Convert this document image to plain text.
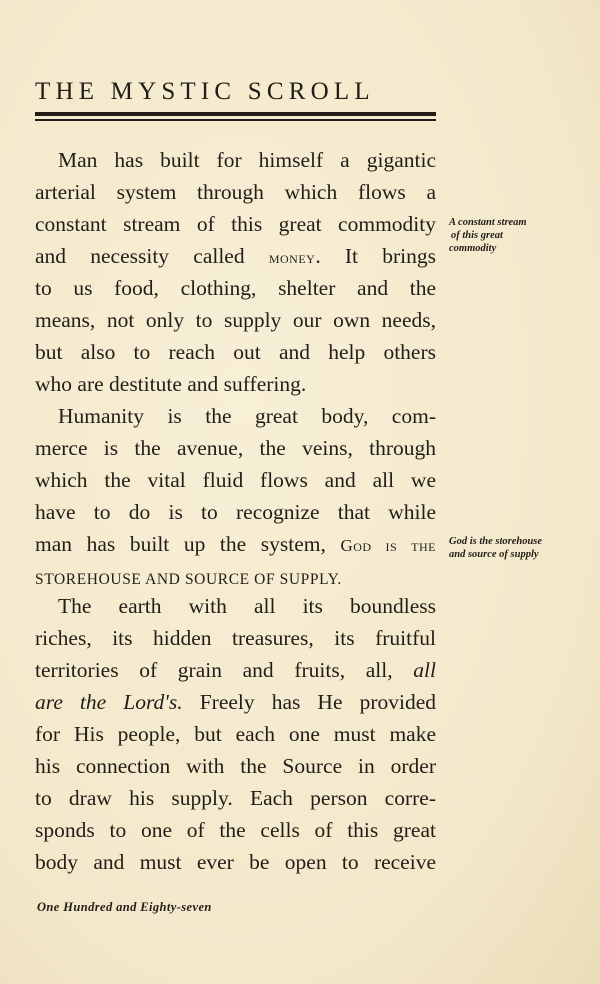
THE MYSTIC SCROLL
Man has built for himself a gigantic
arterial system through which flows a
constant stream of this great commodity
and necessity called money. It brings
to us food, clothing, shelter and the
means, not only to supply our own needs,
but also to reach out and help others
who are destitute and suffering.
Humanity is the great body, com-
merce is the avenue, the veins, through
which the vital fluid flows and all we
have to do is to recognize that while
man has built up the system, God is the
STOREHOUSE AND SOURCE OF SUPPLY.
The earth with all its boundless
riches, its hidden treasures, its fruitful
territories of grain and fruits, all, all
are the Lord's. Freely has He provided
for His people, but each one must make
his connection with the Source in order
to draw his supply. Each person corre-
sponds to one of the cells of this great
body and must ever be open to receive
A constant stream
of this great
commodity
God is the storehouse
and source of supply
One Hundred and Eighty-seven
